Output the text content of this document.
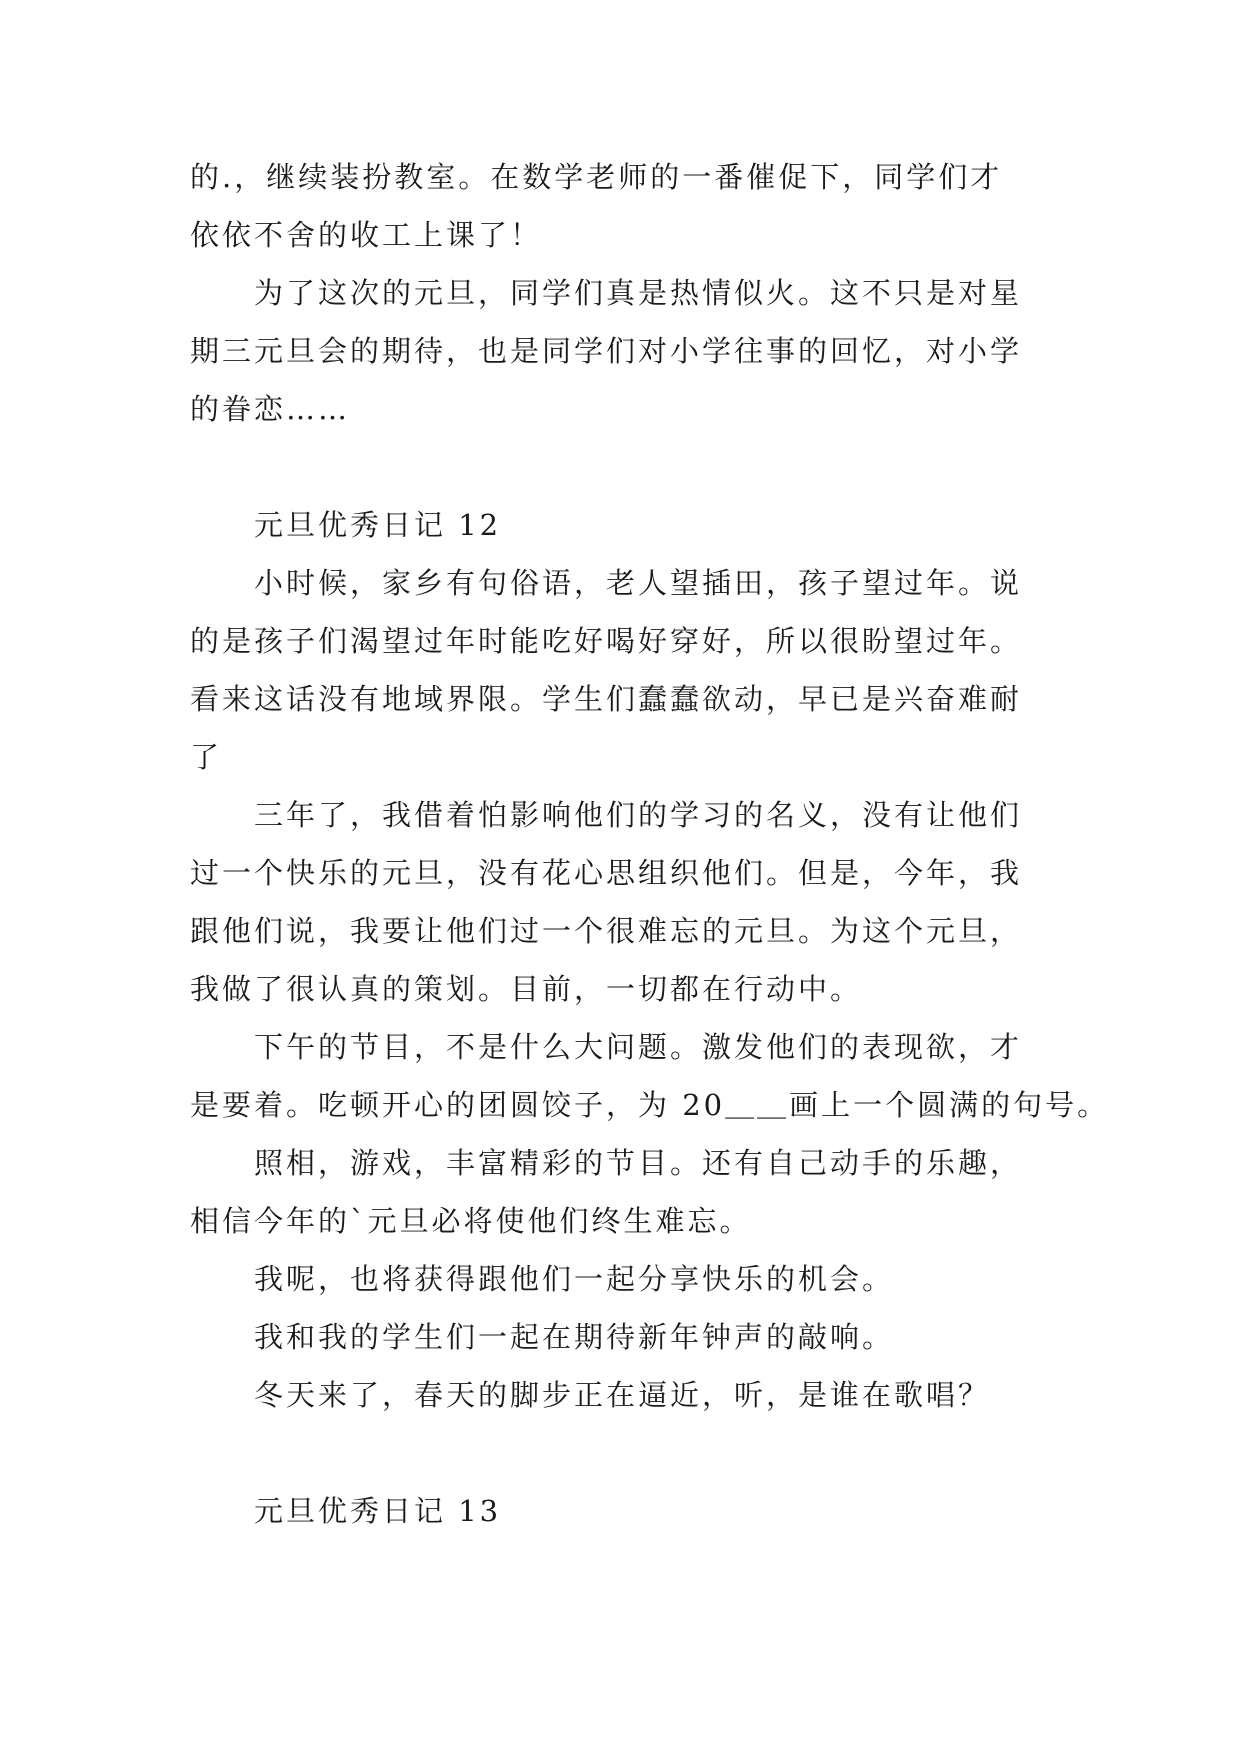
的.，继续装扮教室。在数学老师的一番催促下，同学们才
依依不舍的收工上课了！
为了这次的元旦，同学们真是热情似火。这不只是对星
期三元旦会的期待，也是同学们对小学往事的回忆，对小学
的眷恋……
元旦优秀日记 12
小时候，家乡有句俗语，老人望插田，孩子望过年。说
的是孩子们渴望过年时能吃好喝好穿好，所以很盼望过年。
看来这话没有地域界限。学生们蠢蠢欲动，早已是兴奋难耐
了
三年了，我借着怕影响他们的学习的名义，没有让他们
过一个快乐的元旦，没有花心思组织他们。但是，今年，我
跟他们说，我要让他们过一个很难忘的元旦。为这个元旦，
我做了很认真的策划。目前，一切都在行动中。
下午的节目，不是什么大问题。激发他们的表现欲，才
是要着。吃顿开心的团圆饺子，为 20＿＿画上一个圆满的句号。
照相，游戏，丰富精彩的节目。还有自己动手的乐趣，
相信今年的`元旦必将使他们终生难忘。
我呢，也将获得跟他们一起分享快乐的机会。
我和我的学生们一起在期待新年钟声的敲响。
冬天来了，春天的脚步正在逼近，听，是谁在歌唱？
元旦优秀日记 13
